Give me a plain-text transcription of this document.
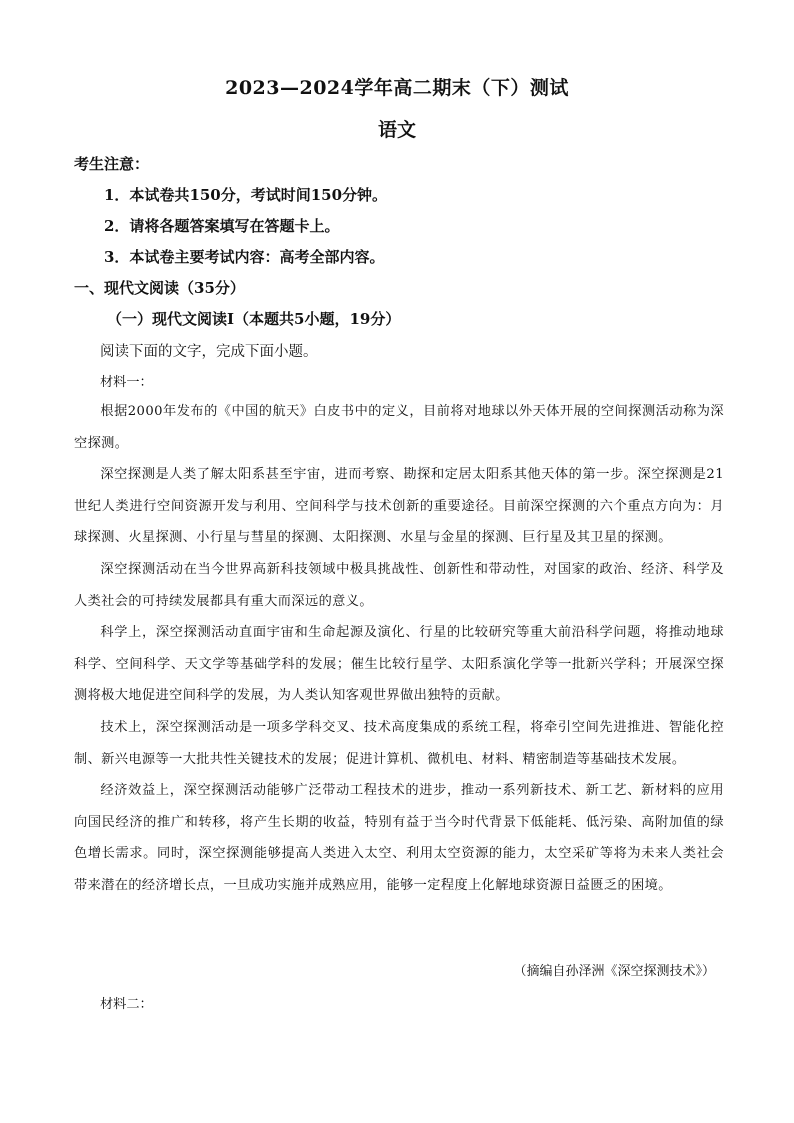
2023—2024学年高二期末（下）测试
语文
考生注意：
1．本试卷共150分，考试时间150分钟。
2．请将各题答案填写在答题卡上。
3．本试卷主要考试内容：高考全部内容。
一、现代文阅读（35分）
（一）现代文阅读Ⅰ（本题共5小题，19分）
阅读下面的文字，完成下面小题。
材料一：

根据2000年发布的《中国的航天》白皮书中的定义，目前将对地球以外天体开展的空间探测活动称为深空探测。

深空探测是人类了解太阳系甚至宇宙，进而考察、勘探和定居太阳系其他天体的第一步。深空探测是21世纪人类进行空间资源开发与利用、空间科学与技术创新的重要途径。目前深空探测的六个重点方向为：月球探测、火星探测、小行星与彗星的探测、太阳探测、水星与金星的探测、巨行星及其卫星的探测。

深空探测活动在当今世界高新科技领域中极具挑战性、创新性和带动性，对国家的政治、经济、科学及人类社会的可持续发展都具有重大而深远的意义。

科学上，深空探测活动直面宇宙和生命起源及演化、行星的比较研究等重大前沿科学问题，将推动地球科学、空间科学、天文学等基础学科的发展；催生比较行星学、太阳系演化学等一批新兴学科；开展深空探测将极大地促进空间科学的发展，为人类认知客观世界做出独特的贡献。

技术上，深空探测活动是一项多学科交叉、技术高度集成的系统工程，将牵引空间先进推进、智能化控制、新兴电源等一大批共性关键技术的发展；促进计算机、微机电、材料、精密制造等基础技术发展。

经济效益上，深空探测活动能够广泛带动工程技术的进步，推动一系列新技术、新工艺、新材料的应用向国民经济的推广和转移，将产生长期的收益，特别有益于当今时代背景下低能耗、低污染、高附加值的绿色增长需求。同时，深空探测能够提高人类进入太空、利用太空资源的能力，太空采矿等将为未来人类社会带来潜在的经济增长点，一旦成功实施并成熟应用，能够一定程度上化解地球资源日益匮乏的困境。

（摘编自孙泽洲《深空探测技术》）
材料二：
